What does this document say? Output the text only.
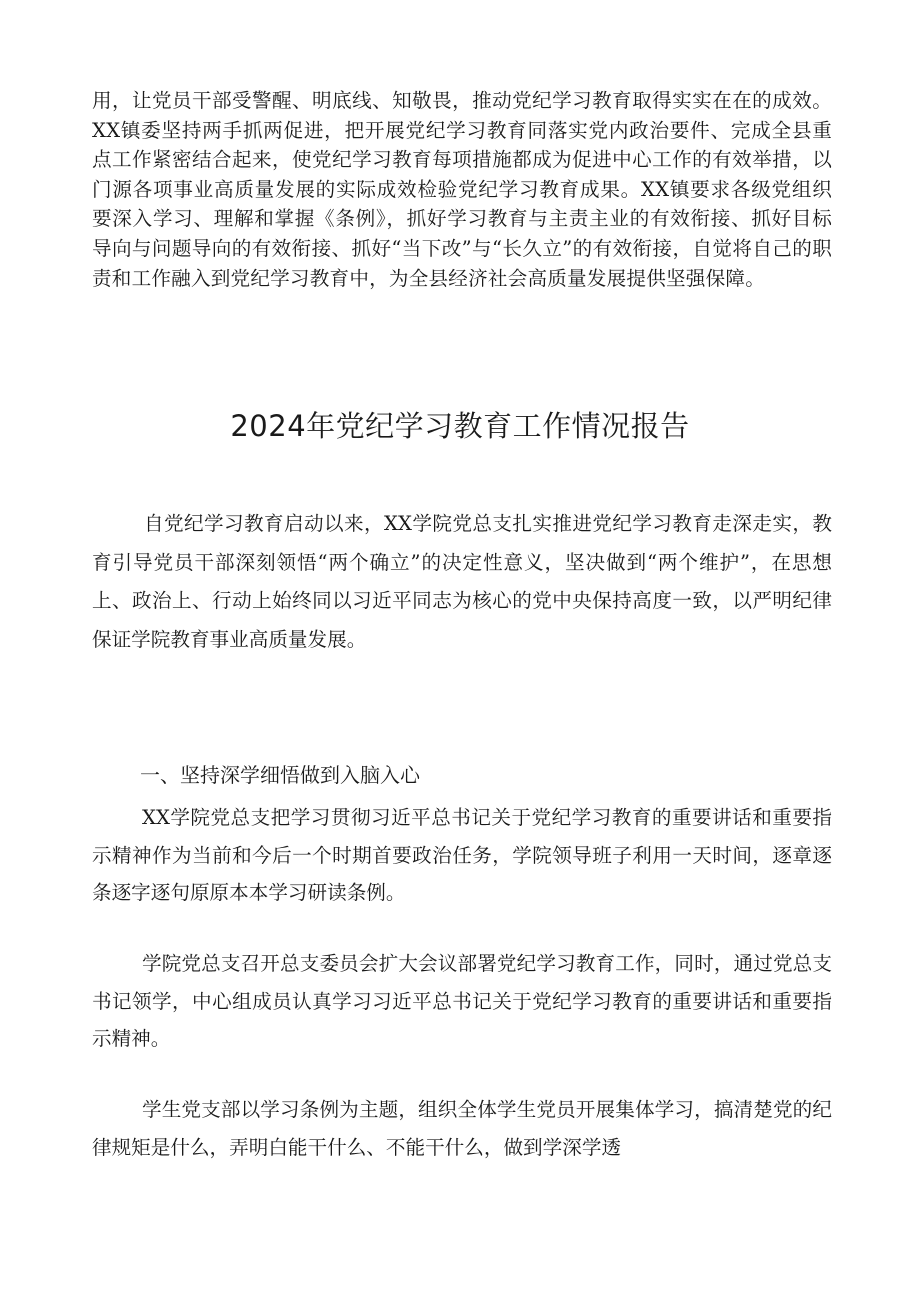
用，让党员干部受警醒、明底线、知敬畏，推动党纪学习教育取得实实在在的成效。XX镇委坚持两手抓两促进，把开展党纪学习教育同落实党内政治要件、完成全县重点工作紧密结合起来，使党纪学习教育每项措施都成为促进中心工作的有效举措，以门源各项事业高质量发展的实际成效检验党纪学习教育成果。XX镇要求各级党组织要深入学习、理解和掌握《条例》，抓好学习教育与主责主业的有效衔接、抓好目标导向与问题导向的有效衔接、抓好“当下改”与“长久立”的有效衔接，自觉将自己的职责和工作融入到党纪学习教育中，为全县经济社会高质量发展提供坚强保障。

2024年党纪学习教育工作情况报告

自党纪学习教育启动以来，XX学院党总支扎实推进党纪学习教育走深走实，教育引导党员干部深刻领悟“两个确立”的决定性意义，坚决做到“两个维护”，在思想上、政治上、行动上始终同以习近平同志为核心的党中央保持高度一致，以严明纪律保证学院教育事业高质量发展。

一、坚持深学细悟做到入脑入心

XX学院党总支把学习贯彻习近平总书记关于党纪学习教育的重要讲话和重要指示精神作为当前和今后一个时期首要政治任务，学院领导班子利用一天时间，逐章逐条逐字逐句原原本本学习研读条例。

学院党总支召开总支委员会扩大会议部署党纪学习教育工作，同时，通过党总支书记领学，中心组成员认真学习习近平总书记关于党纪学习教育的重要讲话和重要指示精神。

学生党支部以学习条例为主题，组织全体学生党员开展集体学习，搞清楚党的纪律规矩是什么，弄明白能干什么、不能干什么，做到学深学透
